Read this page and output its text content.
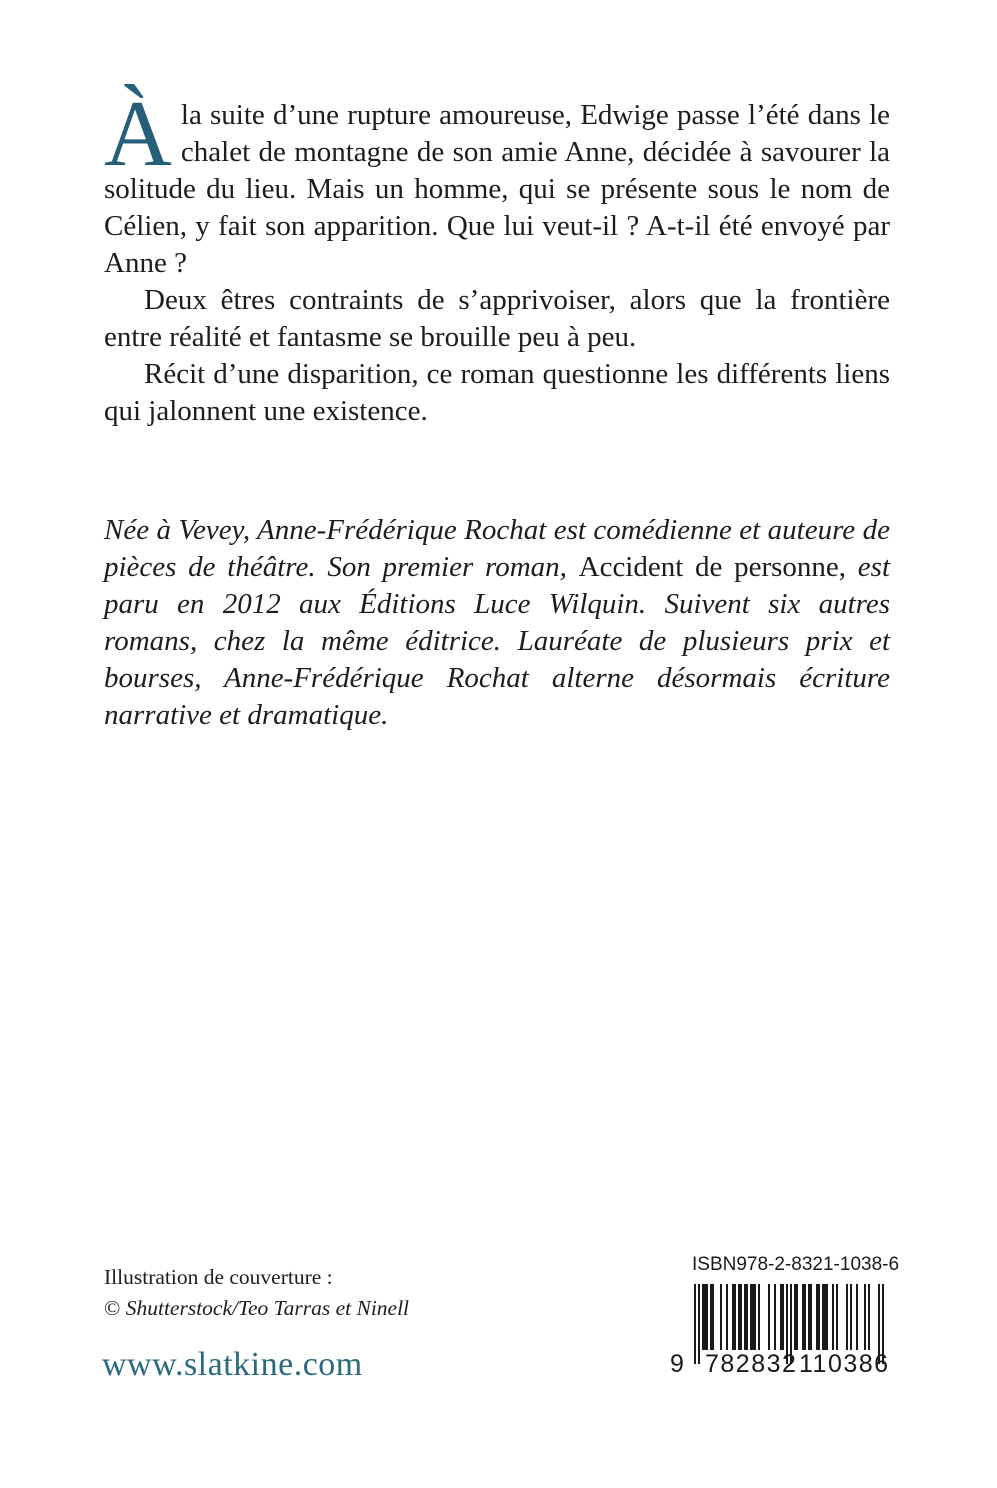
Àla suite d’une rupture amoureuse, Edwige passe l’été dans le chalet de montagne de son amie Anne, décidée à savourer la solitude du lieu. Mais un homme, qui se présente sous le nom de Célien, y fait son apparition. Que lui veut-il ? A-t-il été envoyé par Anne ?

Deux êtres contraints de s’apprivoiser, alors que la frontière entre réalité et fantasme se brouille peu à peu.

Récit d’une disparition, ce roman questionne les différents liens qui jalonnent une existence.

Née à Vevey, Anne-Frédérique Rochat est comédienne et auteure de pièces de théâtre. Son premier roman, Accident de personne, est paru en 2012 aux Éditions Luce Wilquin. Suivent six autres romans, chez la même éditrice. Lauréate de plusieurs prix et bourses, Anne-Frédérique Rochat alterne désormais écriture narrative et dramatique.

Illustration de couverture :
© Shutterstock/Teo Tarras et Ninell
www.slatkine.com
ISBN 978-2-8321-1038-6
9 782832 110386
